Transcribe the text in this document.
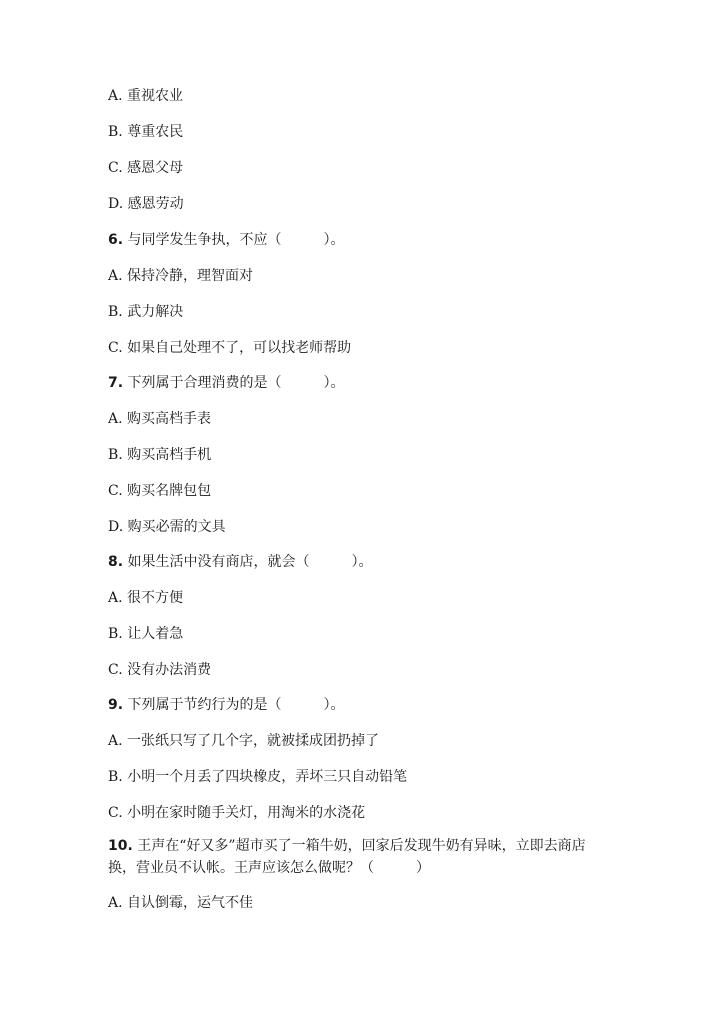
A. 重视农业
B. 尊重农民
C. 感恩父母
D. 感恩劳动
6. 与同学发生争执，不应（　　　）。
A. 保持冷静，理智面对
B. 武力解决
C. 如果自己处理不了，可以找老师帮助
7. 下列属于合理消费的是（　　　）。
A. 购买高档手表
B. 购买高档手机
C. 购买名牌包包
D. 购买必需的文具
8. 如果生活中没有商店，就会（　　　）。
A. 很不方便
B. 让人着急
C. 没有办法消费
9. 下列属于节约行为的是（　　　）。
A. 一张纸只写了几个字，就被揉成团扔掉了
B. 小明一个月丢了四块橡皮，弄坏三只自动铅笔
C. 小明在家时随手关灯，用淘米的水浇花
10. 王声在“好又多”超市买了一箱牛奶，回家后发现牛奶有异味，立即去商店换，营业员不认帐。王声应该怎么做呢？（　　　）
A. 自认倒霉，运气不佳
